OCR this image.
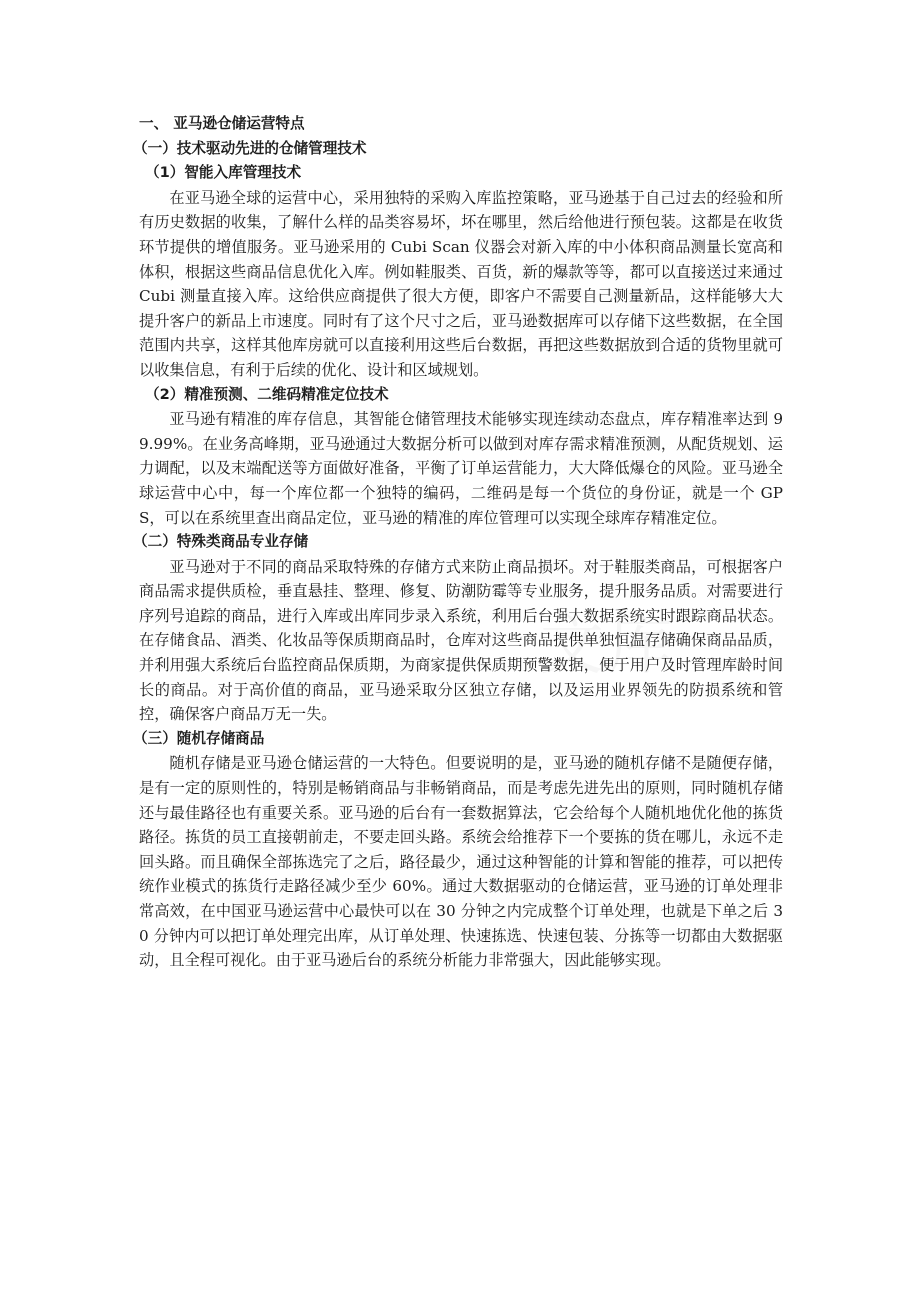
一、 亚马逊仓储运营特点

（一）技术驱动先进的仓储管理技术

（1）智能入库管理技术

在亚马逊全球的运营中心，采用独特的采购入库监控策略，亚马逊基于自己过去的经验和所有历史数据的收集，了解什么样的品类容易坏，坏在哪里，然后给他进行预包装。这都是在收货环节提供的增值服务。亚马逊采用的 Cubi Scan 仪器会对新入库的中小体积商品测量长宽高和体积，根据这些商品信息优化入库。例如鞋服类、百货，新的爆款等等，都可以直接送过来通过 Cubi 测量直接入库。这给供应商提供了很大方便，即客户不需要自己测量新品，这样能够大大提升客户的新品上市速度。同时有了这个尺寸之后，亚马逊数据库可以存储下这些数据，在全国范围内共享，这样其他库房就可以直接利用这些后台数据，再把这些数据放到合适的货物里就可以收集信息，有利于后续的优化、设计和区域规划。

（2）精准预测、二维码精准定位技术

亚马逊有精准的库存信息，其智能仓储管理技术能够实现连续动态盘点，库存精准率达到 99.99%。在业务高峰期，亚马逊通过大数据分析可以做到对库存需求精准预测，从配货规划、运力调配，以及末端配送等方面做好准备，平衡了订单运营能力，大大降低爆仓的风险。亚马逊全球运营中心中，每一个库位都一个独特的编码，二维码是每一个货位的身份证，就是一个 GPS，可以在系统里查出商品定位，亚马逊的精准的库位管理可以实现全球库存精准定位。

（二）特殊类商品专业存储

亚马逊对于不同的商品采取特殊的存储方式来防止商品损坏。对于鞋服类商品，可根据客户商品需求提供质检，垂直悬挂、整理、修复、防潮防霉等专业服务，提升服务品质。对需要进行序列号追踪的商品，进行入库或出库同步录入系统，利用后台强大数据系统实时跟踪商品状态。在存储食品、酒类、化妆品等保质期商品时，仓库对这些商品提供单独恒温存储确保商品品质，并利用强大系统后台监控商品保质期，为商家提供保质期预警数据，便于用户及时管理库龄时间长的商品。对于高价值的商品，亚马逊采取分区独立存储，以及运用业界领先的防损系统和管控，确保客户商品万无一失。

（三）随机存储商品

随机存储是亚马逊仓储运营的一大特色。但要说明的是，亚马逊的随机存储不是随便存储，是有一定的原则性的，特别是畅销商品与非畅销商品，而是考虑先进先出的原则，同时随机存储还与最佳路径也有重要关系。亚马逊的后台有一套数据算法，它会给每个人随机地优化他的拣货路径。拣货的员工直接朝前走，不要走回头路。系统会给推荐下一个要拣的货在哪儿，永远不走回头路。而且确保全部拣选完了之后，路径最少，通过这种智能的计算和智能的推荐，可以把传统作业模式的拣货行走路径减少至少 60%。通过大数据驱动的仓储运营，亚马逊的订单处理非常高效，在中国亚马逊运营中心最快可以在 30 分钟之内完成整个订单处理，也就是下单之后 30 分钟内可以把订单处理完出库，从订单处理、快速拣选、快速包装、分拣等一切都由大数据驱动，且全程可视化。由于亚马逊后台的系统分析能力非常强大，因此能够实现。
